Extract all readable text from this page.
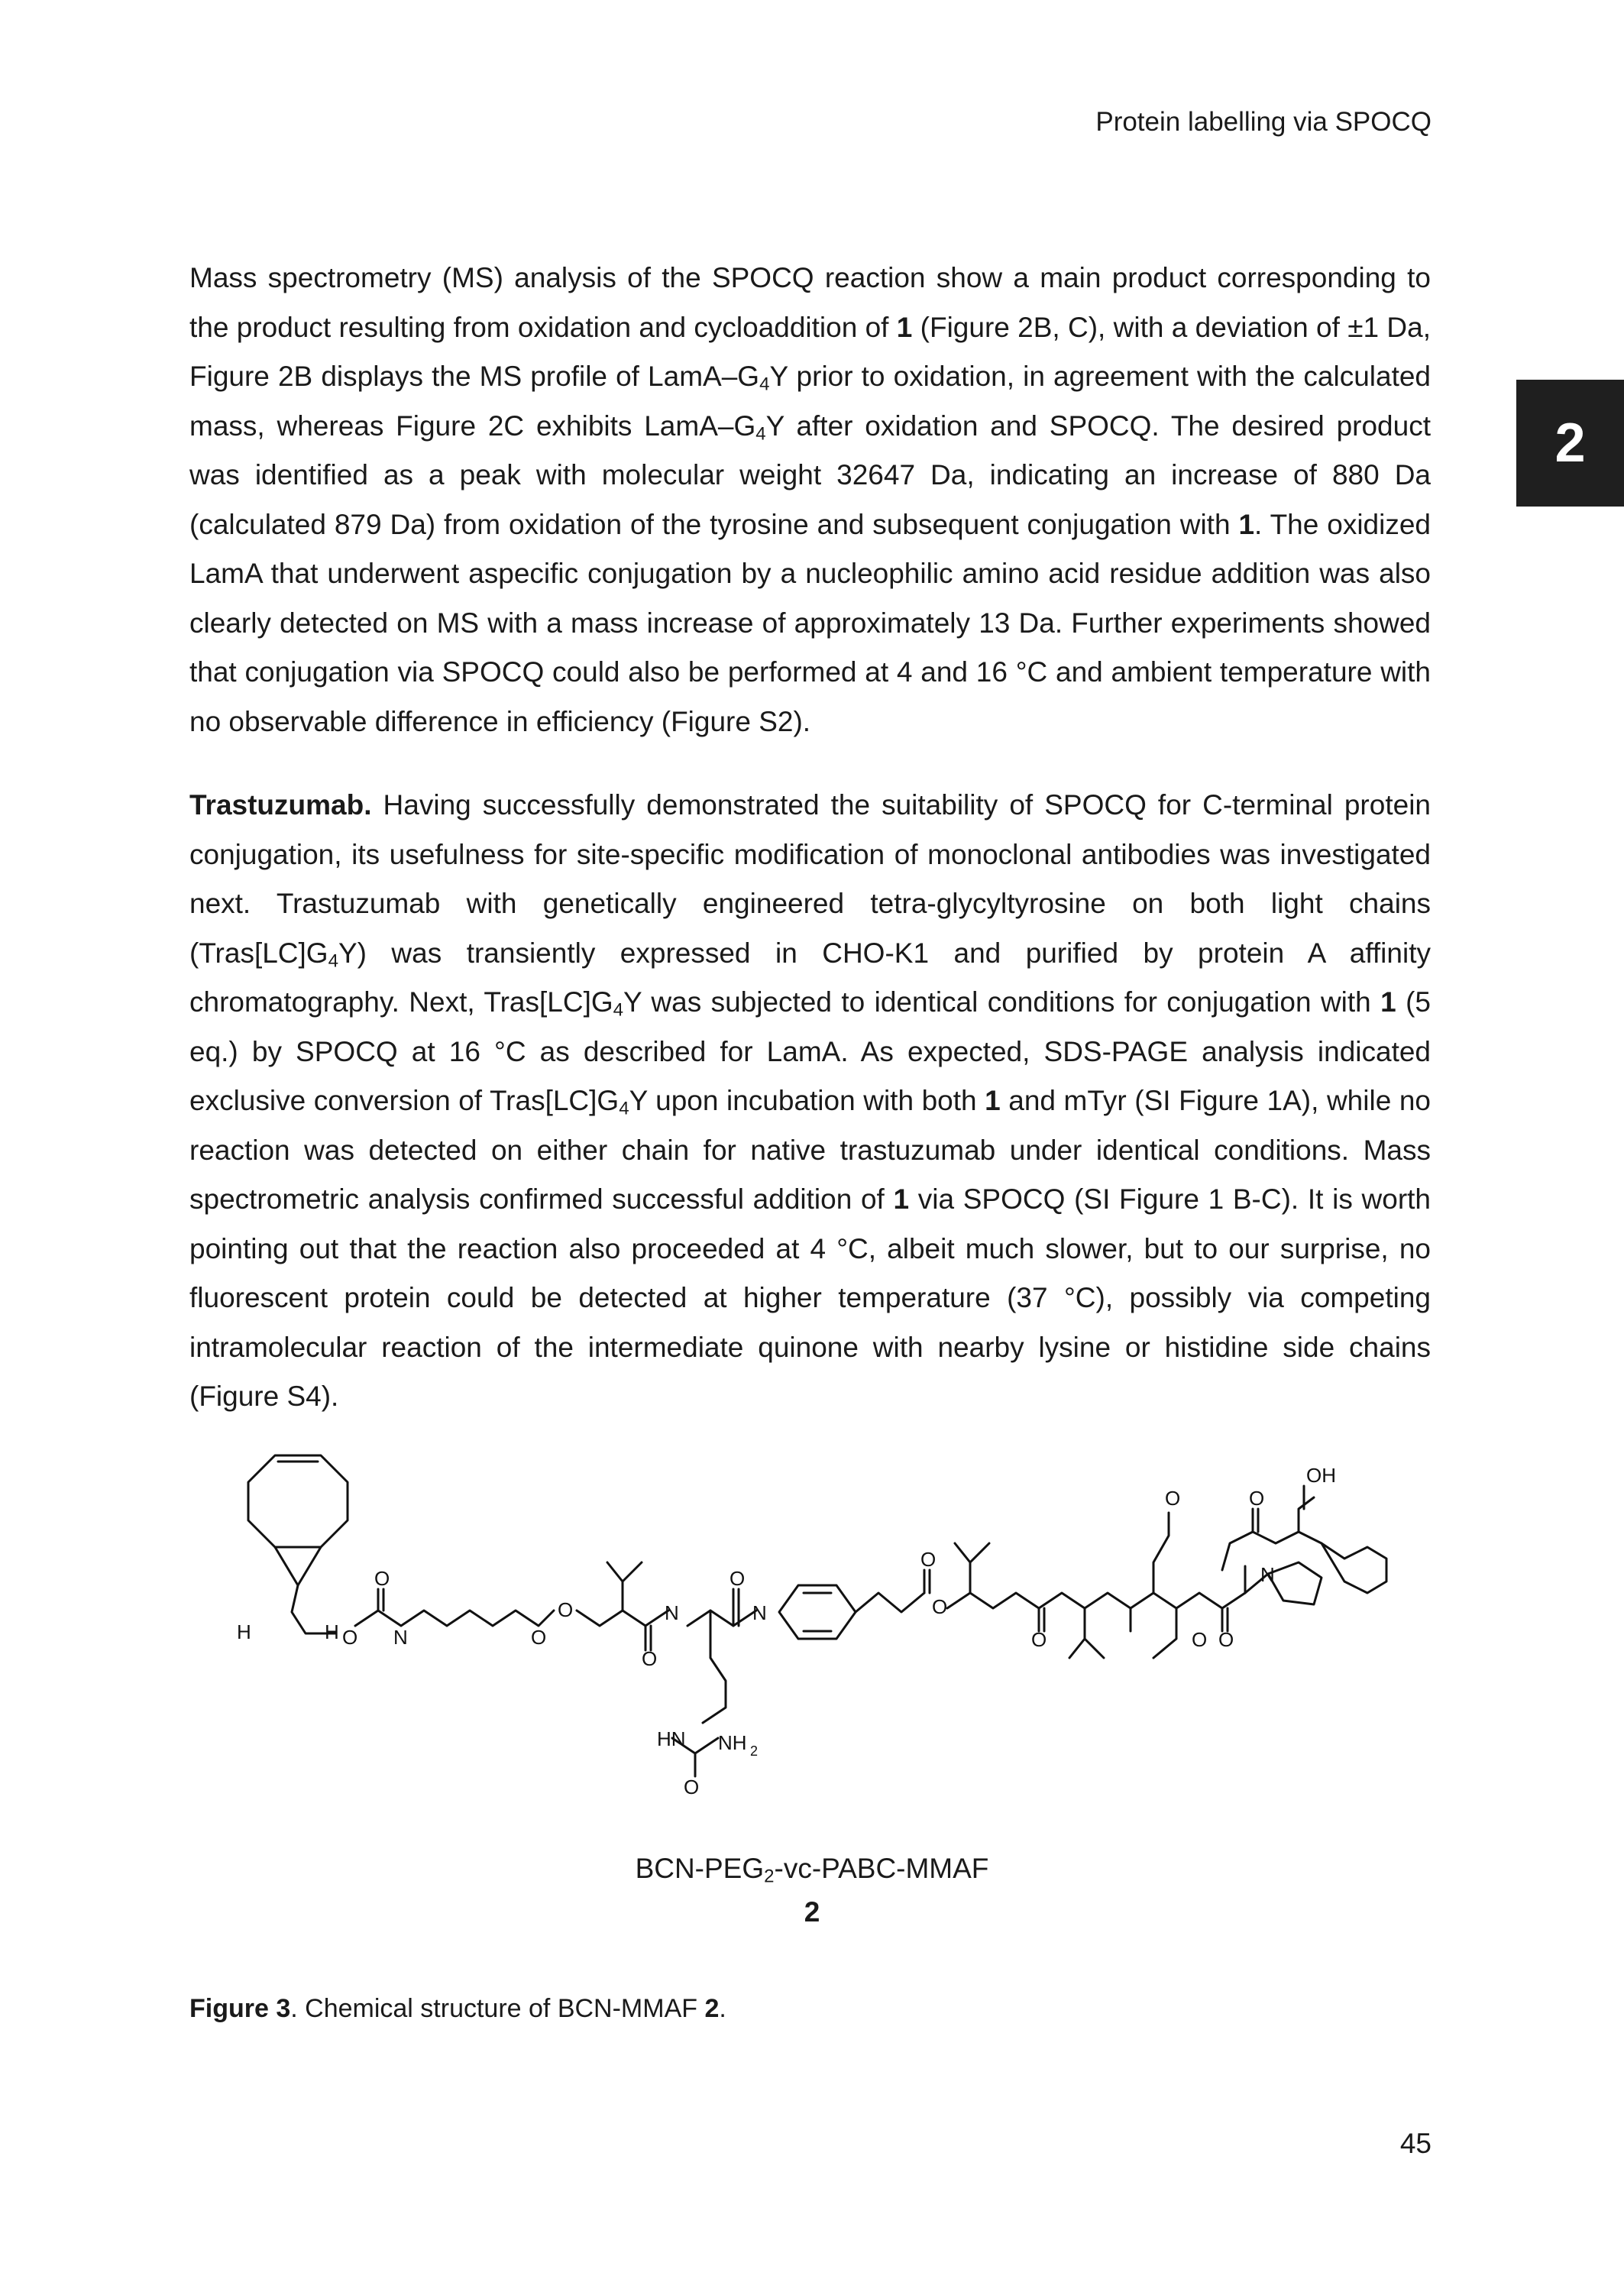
Protein labelling via SPOCQ
2

Mass spectrometry (MS) analysis of the SPOCQ reaction show a main product corresponding to the product resulting from oxidation and cycloaddition of 1 (Figure 2B, C), with a deviation of ±1 Da, Figure 2B displays the MS profile of LamA–$G_4Y$ prior to oxidation, in agreement with the calculated mass, whereas Figure 2C exhibits LamA–$G_4Y$ after oxidation and SPOCQ. The desired product was identified as a peak with molecular weight 32647 Da, indicating an increase of 880 Da (calculated 879 Da) from oxidation of the tyrosine and subsequent conjugation with 1. The oxidized LamA that underwent aspecific conjugation by a nucleophilic amino acid residue addition was also clearly detected on MS with a mass increase of approximately 13 Da. Further experiments showed that conjugation via SPOCQ could also be performed at 4 and 16 °C and ambient temperature with no observable difference in efficiency (Figure S2).

Trastuzumab. Having successfully demonstrated the suitability of SPOCQ for C-terminal protein conjugation, its usefulness for site-specific modification of monoclonal antibodies was investigated next. Trastuzumab with genetically engineered tetra-glycyltyrosine on both light chains $(Tras[LC]G_4Y)$ was transiently expressed in CHO-K1 and purified by protein A affinity chromatography. Next, $Tras[LC]G_4Y$ was subjected to identical conditions for conjugation with 1 (5 eq.) by SPOCQ at 16 °C as described for LamA. As expected, SDS-PAGE analysis indicated exclusive conversion of $Tras[LC]G_4Y$ upon incubation with both 1 and mTyr (SI Figure 1A), while no reaction was detected on either chain for native trastuzumab under identical conditions. Mass spectrometric analysis confirmed successful addition of 1 via SPOCQ (SI Figure 1 B-C). It is worth pointing out that the reaction also proceeded at 4 °C, albeit much slower, but to our surprise, no fluorescent protein could be detected at higher temperature (37 °C), possibly via competing intramolecular reaction of the intermediate quinone with nearby lysine or histidine side chains (Figure S4).

H	H O
O
N	O
O
O
O
N	N
HN
O
NH 2
O
O
O	O O
O	O
OH
N
BCN-$PEG_2-vc-PABC$-MMAF
2
Figure 3. Chemical structure of BCN-MMAF 2.
45
